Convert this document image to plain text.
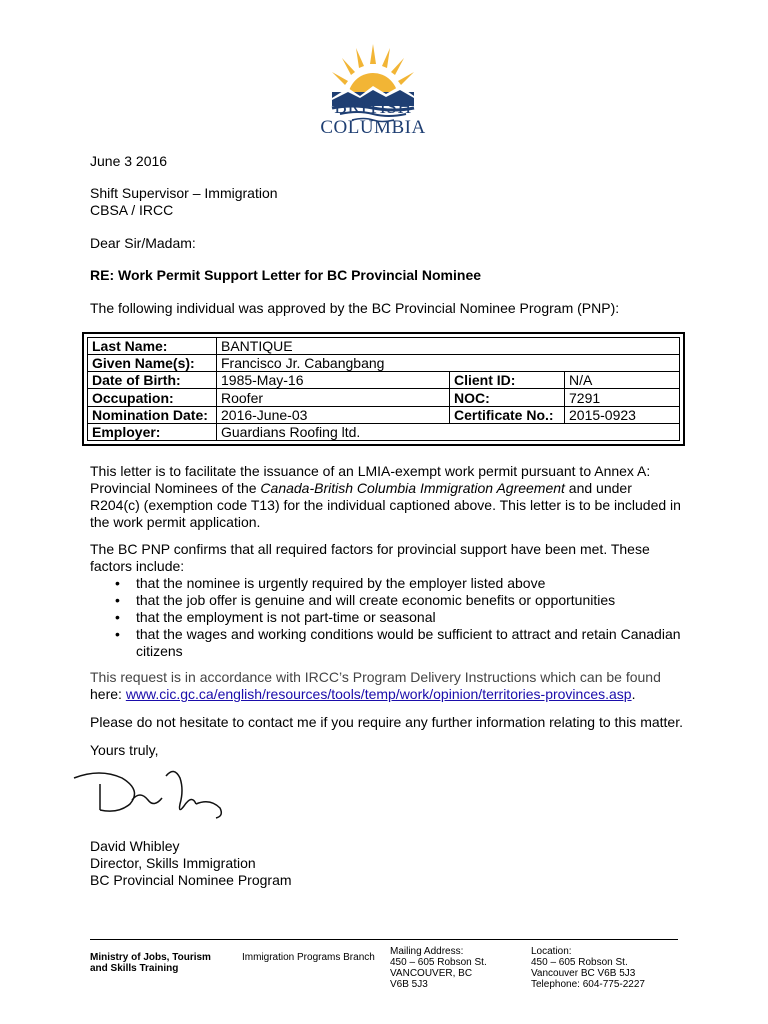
BRITISH
COLUMBIA
June 3 2016
Shift Supervisor – Immigration
CBSA / IRCC
Dear Sir/Madam:
RE: Work Permit Support Letter for BC Provincial Nominee
The following individual was approved by the BC Provincial Nominee Program (PNP):
Last Name:	BANTIQUE		
Given Name(s):	Francisco Jr. Cabangbang		
Date of Birth:	1985-May-16	Client ID:	N/A
Occupation:	Roofer	NOC:	7291
Nomination Date:	2016-June-03	Certificate No.:	2015-0923
Employer:	Guardians Roofing ltd.		
This letter is to facilitate the issuance of an LMIA-exempt work permit pursuant to Annex A:
Provincial Nominees of the Canada-British Columbia Immigration Agreement and under
R204(c) (exemption code T13) for the individual captioned above. This letter is to be included in
the work permit application.
The BC PNP confirms that all required factors for provincial support have been met. These
factors include:
• that the nominee is urgently required by the employer listed above
• that the job offer is genuine and will create economic benefits or opportunities
• that the employment is not part-time or seasonal
• that the wages and working conditions would be sufficient to attract and retain Canadian
citizens
This request is in accordance with IRCC’s Program Delivery Instructions which can be found
here: www.cic.gc.ca/english/resources/tools/temp/work/opinion/territories-provinces.asp.
Please do not hesitate to contact me if you require any further information relating to this matter.
Yours truly,
David Whibley
Director, Skills Immigration
BC Provincial Nominee Program
Ministry of Jobs, Tourism
and Skills Training
Immigration Programs Branch
Mailing Address:
450 – 605 Robson St.
VANCOUVER, BC
V6B 5J3
Location:
450 – 605 Robson St.
Vancouver BC V6B 5J3
Telephone: 604-775-2227
